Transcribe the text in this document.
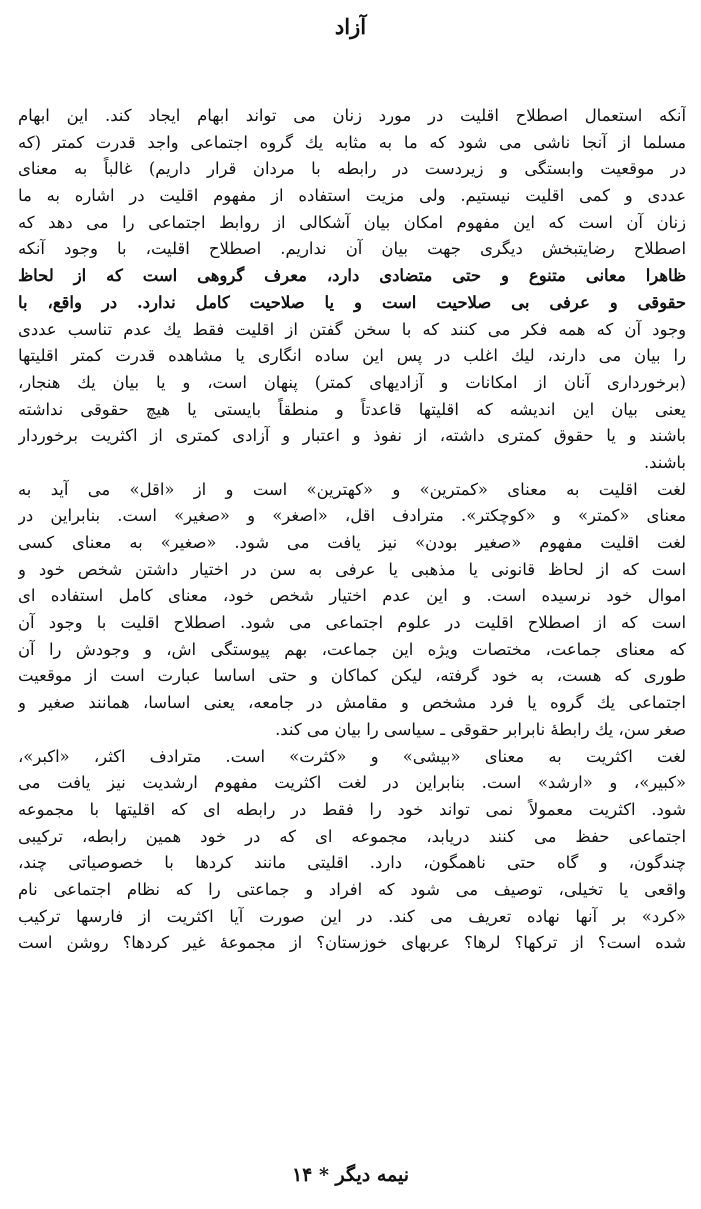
آزاد
آنکه استعمال اصطلاح اقلیت در مورد زنان می تواند ابهام ایجاد کند. این ابهام
مسلما از آنجا ناشی می شود که ما به مثابه یك گروه اجتماعی واجد قدرت کمتر (که
در موقعیت وابستگی و زیردست در رابطه با مردان قرار داریم) غالباً به معنای
عددی و کمی اقلیت نیستیم. ولی مزیت استفاده از مفهوم اقلیت در اشاره به ما
زنان آن است که این مفهوم امکان بیان آشکالی از روابط اجتماعی را می دهد که
اصطلاح رضایتبخش دیگری جهت بیان آن نداریم. اصطلاح اقلیت، با وجود آنکه
ظاهرا معانی متنوع و حتی متضادی دارد، معرف گروهی است که از لحاظ
حقوقی و عرفی بی صلاحیت است و یا صلاحیت کامل ندارد. در واقع، با
وجود آن که همه فکر می کنند که با سخن گفتن از اقلیت فقط یك عدم تناسب عددی
را بیان می دارند، لیك اغلب در پس این ساده انگاری یا مشاهده قدرت کمتر اقلیتها
(برخورداری آنان از امکانات و آزادیهای کمتر) پنهان است، و یا بیان یك هنجار،
یعنی بیان این اندیشه که اقلیتها قاعدتاً و منطقاً بایستی یا هیچ حقوقی نداشته
باشند و یا حقوق کمتری داشته، از نفوذ و اعتبار و آزادی کمتری از اکثریت برخوردار
باشند.
لغت اقلیت به معنای «کمترین» و «کهترین» است و از «اقل» می آید به
معنای «کمتر» و «کوچکتر». مترادف اقل، «اصغر» و «صغیر» است. بنابراین در
لغت اقلیت مفهوم «صغیر بودن» نیز یافت می شود. «صغیر» به معنای کسی
است که از لحاظ قانونی یا مذهبی یا عرفی به سن در اختیار داشتن شخص خود و
اموال خود نرسیده است. و این عدم اختیار شخص خود، معنای کامل استفاده ای
است که از اصطلاح اقلیت در علوم اجتماعی می شود. اصطلاح اقلیت با وجود آن
که معنای جماعت، مختصات ویژه این جماعت، بهم پیوستگی اش، و وجودش را آن
طوری که هست، به خود گرفته، لیکن کماکان و حتی اساسا عبارت است از موقعیت
اجتماعی یك گروه یا فرد مشخص و مقامش در جامعه، یعنی اساسا، همانند صغیر و
صغر سن، یك رابطهٔ نابرابر حقوقی ـ سیاسی را بیان می کند.
لغت اکثریت به معنای «بیشی» و «کثرت» است. مترادف اکثر، «اکبر»،
«کبیر»، و «ارشد» است. بنابراین در لغت اکثریت مفهوم ارشدیت نیز یافت می
شود. اکثریت معمولاً نمی تواند خود را فقط در رابطه ای که اقلیتها با مجموعه
اجتماعی حفظ می کنند دریابد، مجموعه ای که در خود همین رابطه، ترکیبی
چندگون، و گاه حتی ناهمگون، دارد. اقلیتی مانند کردها با خصوصیاتی چند،
واقعی یا تخیلی، توصیف می شود که افراد و جماعتی را که نظام اجتماعی نام
«کرد» بر آنها نهاده تعریف می کند. در این صورت آیا اکثریت از فارسها ترکیب
شده است؟ از ترکها؟ لرها؟ عربهای خوزستان؟ از مجموعهٔ غیر کردها؟ روشن است
نیمه دیگر * ۱۴
